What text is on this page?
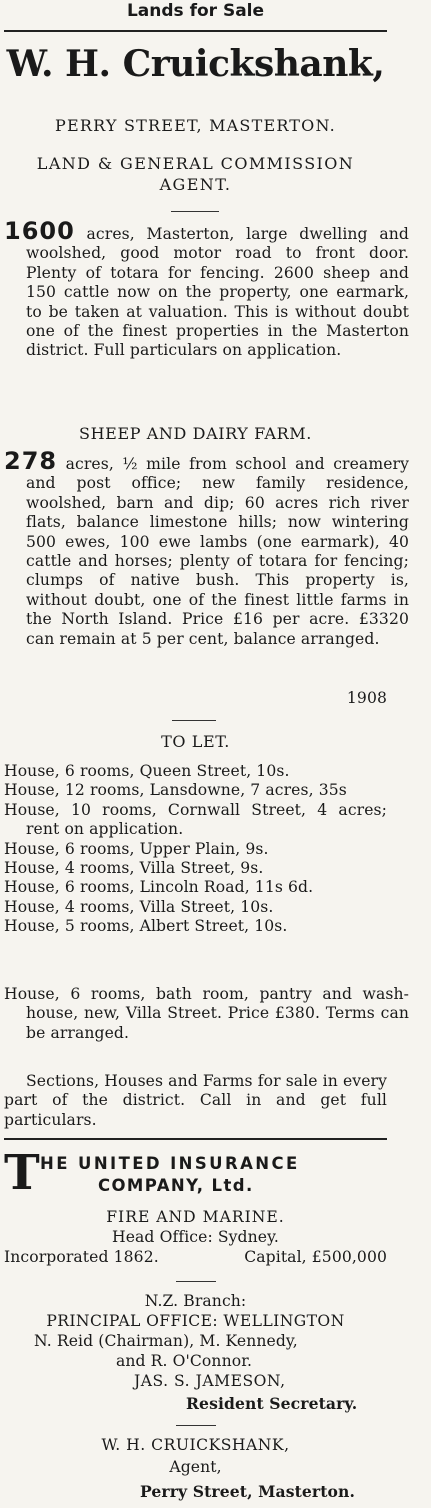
Lands for Sale
W. H. Cruickshank,
PERRY STREET, MASTERTON.
LAND & GENERAL COMMISSION
AGENT.
1600 acres, Masterton, large dwelling and woolshed, good motor road to front door. Plenty of totara for fencing. 2600 sheep and 150 cattle now on the property, one earmark, to be taken at valuation. This is without doubt one of the finest properties in the Masterton district. Full particulars on application.
SHEEP AND DAIRY FARM.
278 acres, ½ mile from school and creamery and post office; new family residence, woolshed, barn and dip; 60 acres rich river flats, balance limestone hills; now wintering 500 ewes, 100 ewe lambs (one earmark), 40 cattle and horses; plenty of totara for fencing; clumps of native bush. This property is, without doubt, one of the finest little farms in the North Island. Price £16 per acre. £3320 can remain at 5 per cent, balance arranged.
1908
TO LET.

House, 6 rooms, Queen Street, 10s.

House, 12 rooms, Lansdowne, 7 acres, 35s

House, 10 rooms, Cornwall Street, 4 acres; rent on application.

House, 6 rooms, Upper Plain, 9s.

House, 4 rooms, Villa Street, 9s.

House, 6 rooms, Lincoln Road, 11s 6d.

House, 4 rooms, Villa Street, 10s.

House, 5 rooms, Albert Street, 10s.

House, 6 rooms, bath room, pantry and wash-house, new, Villa Street. Price £380. Terms can be arranged.
Sections, Houses and Farms for sale in every part of the district. Call in and get full particulars.
T HE UNITED INSURANCE
COMPANY, Ltd.
FIRE AND MARINE.
Head Office: Sydney.
Incorporated 1862.	Capital, £500,000
N.Z. Branch:
PRINCIPAL OFFICE: WELLINGTON
N. Reid (Chairman), M. Kennedy,
and R. O'Connor.
JAS. S. JAMESON,
Resident Secretary.
W. H. CRUICKSHANK,
Agent,
Perry Street, Masterton.
